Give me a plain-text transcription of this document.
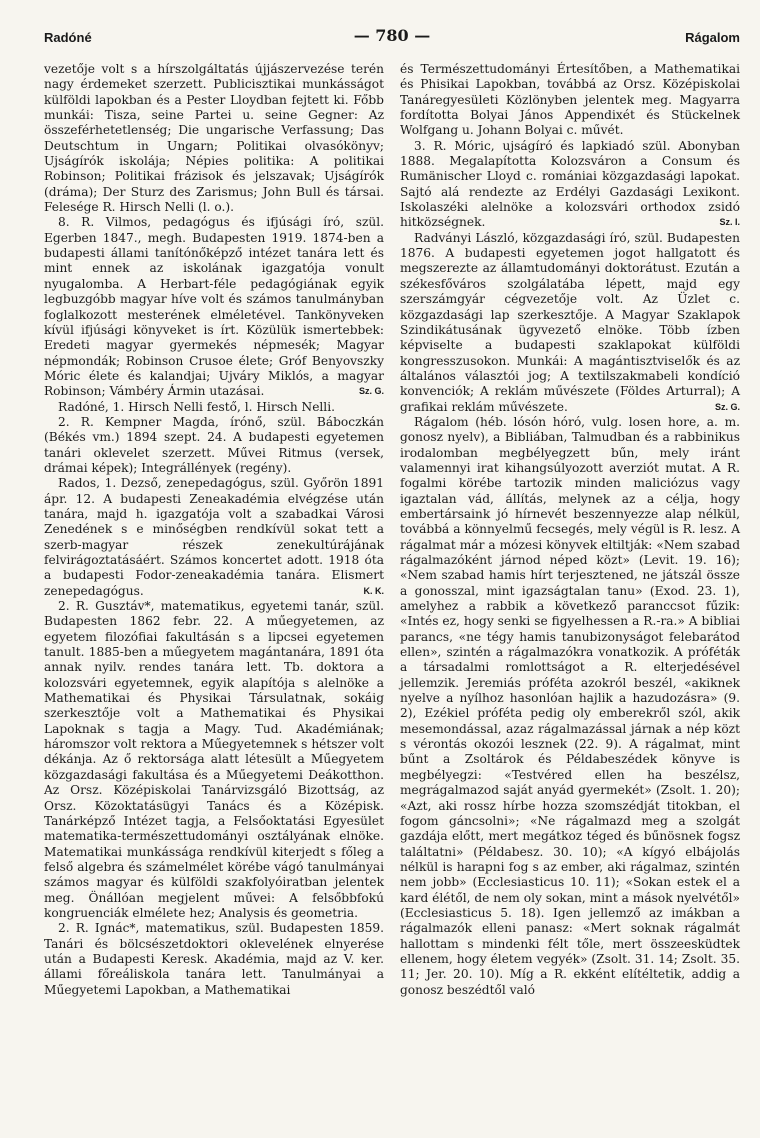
Radóné	— 780 —	Rágalom

vezetője volt s a hírszolgáltatás újjászervezése terén nagy érdemeket szerzett. Publicisztikai munkásságot külföldi lapokban és a Pester Lloydban fejtett ki. Főbb munkái: Tisza, seine Partei u. seine Gegner: Az összeférhetetlenség; Die ungarische Verfassung; Das Deutschtum in Ungarn; Politikai olvasókönyv; Ujságírók iskolája; Népies politika: A politikai Robinson; Politikai frázisok és jelszavak; Ujságírók (dráma); Der Sturz des Zarismus; John Bull és társai. Felesége R. Hirsch Nelli (l. o.).

8. R. Vilmos, pedagógus és ifjúsági író, szül. Egerben 1847., megh. Budapesten 1919. 1874-ben a budapesti állami tanítónőképző intézet tanára lett és mint ennek az iskolának igazgatója vonult nyugalomba. A Herbart-féle pedagógiának egyik legbuzgóbb magyar híve volt és számos tanulmányban foglalkozott mesterének elméletével. Tankönyveken kívül ifjúsági könyveket is írt. Közülük ismertebbek: Eredeti magyar gyermekés népmesék; Magyar népmondák; Robinson Crusoe élete; Gróf Benyovszky Móric élete és kalandjai; Ujváry Miklós, a magyar Robinson; Vámbéry Ármin utazásai.	Sz. G.

Radóné, 1. Hirsch Nelli festő, l. Hirsch Nelli.

2. R. Kempner Magda, írónő, szül. Báboczkán (Békés vm.) 1894 szept. 24. A budapesti egyetemen tanári oklevelet szerzett. Művei Ritmus (versek, drámai képek); Integrállények (regény).

Rados, 1. Dezső, zenepedagógus, szül. Győrön 1891 ápr. 12. A budapesti Zeneakadémia elvégzése után tanára, majd h. igazgatója volt a szabadkai Városi Zenedének s e minőségben rendkívül sokat tett a szerb-magyar részek zenekultúrájának felvirágoztatásáért. Számos koncertet adott. 1918 óta a budapesti Fodor-zeneakadémia tanára. Elismert zenepedagógus.	K. K.

2. R. Gusztáv*, matematikus, egyetemi tanár, szül. Budapesten 1862 febr. 22. A műegyetemen, az egyetem filozófiai fakultásán s a lipcsei egyetemen tanult. 1885-ben a műegyetem magántanára, 1891 óta annak nyilv. rendes tanára lett. Tb. doktora a kolozsvári egyetemnek, egyik alapítója s alelnöke a Mathematikai és Physikai Társulatnak, sokáig szerkesztője volt a Mathematikai és Physikai Lapoknak s tagja a Magy. Tud. Akadémiának; háromszor volt rektora a Műegyetemnek s hétszer volt dékánja. Az ő rektorsága alatt létesült a Műegyetem közgazdasági fakultása és a Műegyetemi Deákotthon. Az Orsz. Középiskolai Tanárvizsgáló Bizottság, az Orsz. Közoktatásügyi Tanács és a Középisk. Tanárképző Intézet tagja, a Felsőoktatási Egyesület matematika-természettudományi osztályának elnöke. Matematikai munkássága rendkívül kiterjedt s főleg a felső algebra és számelmélet körébe vágó tanulmányai számos magyar és külföldi szakfolyóiratban jelentek meg. Önállóan megjelent művei: A felsőbbfokú kongruenciák elmélete hez; Analysis és geometria.

2. R. Ignác*, matematikus, szül. Budapesten 1859. Tanári és bölcsészetdoktori oklevelének elnyerése után a Budapesti Keresk. Akadémia, majd az V. ker. állami főreáliskola tanára lett. Tanulmányai a Műegyetemi Lapokban, a Mathematikai

és Természettudományi Értesítőben, a Mathematikai és Phisikai Lapokban, továbbá az Orsz. Középiskolai Tanáregyesületi Közlönyben jelentek meg. Magyarra fordította Bolyai János Appendixét és Stückelnek Wolfgang u. Johann Bolyai c. művét.

3. R. Móric, ujságíró és lapkiadó szül. Abonyban 1888. Megalapította Kolozsváron a Consum és Rumänischer Lloyd c. romániai közgazdasági lapokat. Sajtó alá rendezte az Erdélyi Gazdasági Lexikont. Iskolaszéki alelnöke a kolozsvári orthodox zsidó hitközségnek.	Sz. I.

Radványi László, közgazdasági író, szül. Budapesten 1876. A budapesti egyetemen jogot hallgatott és megszerezte az államtudományi doktorátust. Ezután a székesfőváros szolgálatába lépett, majd egy szerszámgyár cégvezetője volt. Az Üzlet c. közgazdasági lap szerkesztője. A Magyar Szaklapok Szindikátusának ügyvezető elnöke. Több ízben képviselte a budapesti szaklapokat külföldi kongresszusokon. Munkái: A magántisztviselők és az általános választói jog; A textilszakmabeli kondíció konvenciók; A reklám művészete (Földes Arturral); A grafikai reklám művészete.	Sz. G.

Rágalom (héb. lósón hóró, vulg. losen hore, a. m. gonosz nyelv), a Bibliában, Talmudban és a rabbinikus irodalomban megbélyegzett bűn, mely iránt valamennyi irat kihangsúlyozott averziót mutat. A R. fogalmi körébe tartozik minden maliciózus vagy igaztalan vád, állítás, melynek az a célja, hogy embertársaink jó hírnevét beszennyezze alap nélkül, továbbá a könnyelmű fecsegés, mely végül is R. lesz. A rágalmat már a mózesi könyvek eltiltják: «Nem szabad rágalmazóként járnod néped közt» (Levit. 19. 16); «Nem szabad hamis hírt terjesztened, ne játszál össze a gonosszal, mint igazságtalan tanu» (Exod. 23. 1), amelyhez a rabbik a következő paranccsot fűzik: «Intés ez, hogy senki se figyelhessen a R.-ra.» A bibliai parancs, «ne tégy hamis tanubizonyságot felebarátod ellen», szintén a rágalmazókra vonatkozik. A próféták a társadalmi romlottságot a R. elterjedésével jellemzik. Jeremiás próféta azokról beszél, «akiknek nyelve a nyílhoz hasonlóan hajlik a hazudozásra» (9. 2), Ezékiel próféta pedig oly emberekről szól, akik mesemondással, azaz rágalmazással járnak a nép közt s vérontás okozói lesznek (22. 9). A rágalmat, mint bűnt a Zsoltárok és Példabeszédek könyve is megbélyegzi: «Testvéred ellen ha beszélsz, megrágalmazod saját anyád gyermekét» (Zsolt. 1. 20); «Azt, aki rossz hírbe hozza szomszédját titokban, el fogom gáncsolni»; «Ne rágalmazd meg a szolgát gazdája előtt, mert megátkoz téged és bűnösnek fogsz találtatni» (Példabesz. 30. 10); «A kígyó elbájolás nélkül is harapni fog s az ember, aki rágalmaz, szintén nem jobb» (Ecclesiasticus 10. 11); «Sokan estek el a kard élétől, de nem oly sokan, mint a mások nyelvétől» (Ecclesiasticus 5. 18). Igen jellemző az imákban a rágalmazók elleni panasz: «Mert soknak rágalmát hallottam s mindenki félt tőle, mert összeesküdtek ellenem, hogy életem vegyék» (Zsolt. 31. 14; Zsolt. 35. 11; Jer. 20. 10). Míg a R. ekként elítéltetik, addig a gonosz beszédtől való
